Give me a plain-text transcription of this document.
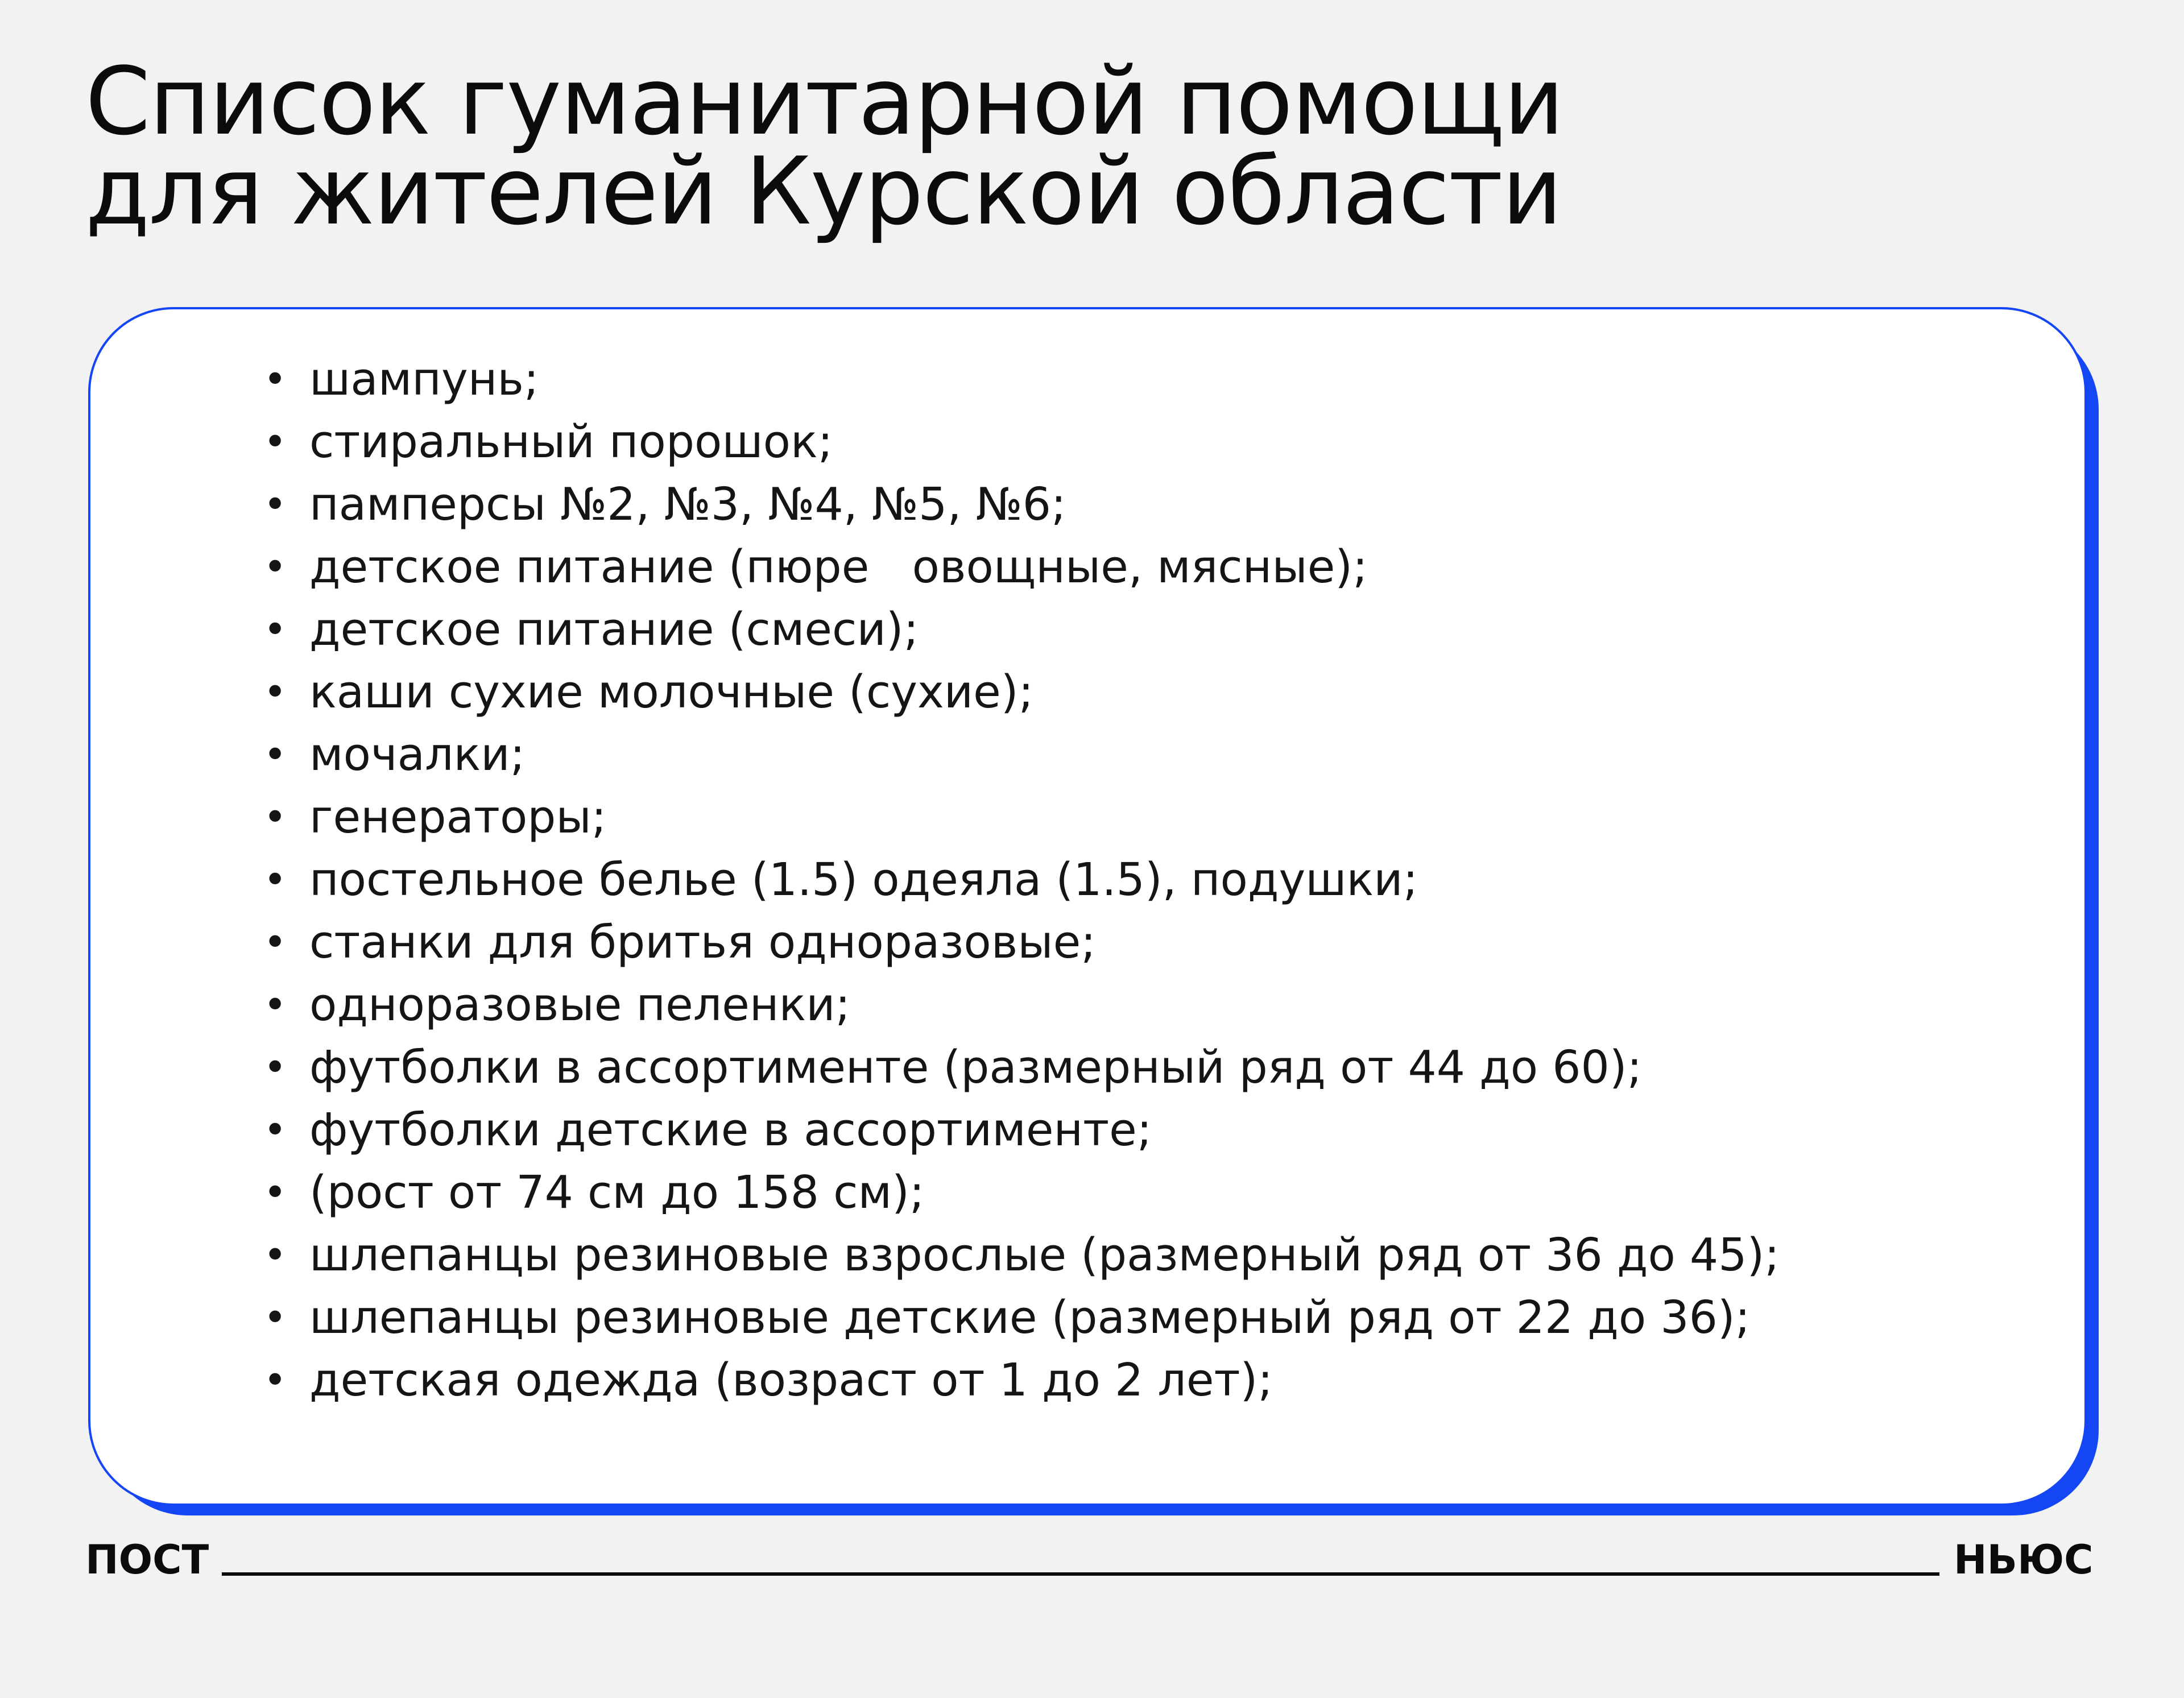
Список гуманитарной помощи
для жителей Курской области
• шампунь;
• стиральный порошок;
• памперсы №2, №3, №4, №5, №6;
• детское питание (пюре   овощные, мясные);
• детское питание (смеси);
• каши сухие молочные (сухие);
• мочалки;
• генераторы;
• постельное белье (1.5) одеяла (1.5), подушки;
• станки для бритья одноразовые;
• одноразовые пеленки;
• футболки в ассортименте (размерный ряд от 44 до 60);
• футболки детские в ассортименте;
• (рост от 74 см до 158 см);
• шлепанцы резиновые взрослые (размерный ряд от 36 до 45);
• шлепанцы резиновые детские (размерный ряд от 22 до 36);
• детская одежда (возраст от 1 до 2 лет);
ПОСТ	НЬЮС
